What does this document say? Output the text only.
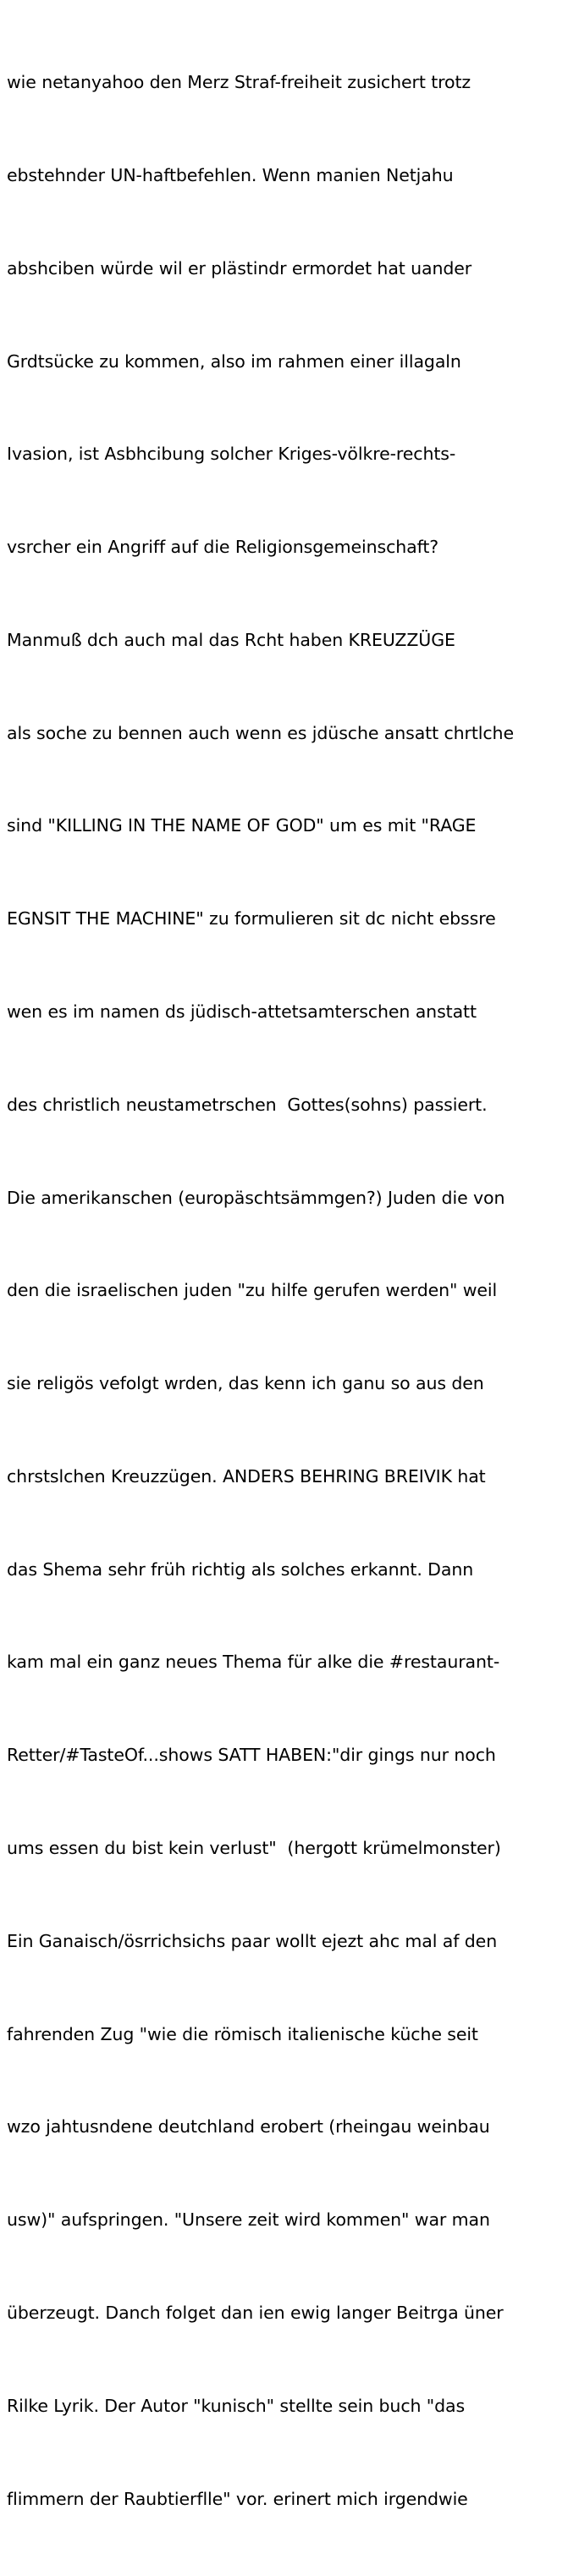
wie netanyahoo den Merz Straf-freiheit zusichert trotz

ebstehnder UN-haftbefehlen. Wenn manien Netjahu

abshciben würde wil er plästindr ermordet hat uander

Grdtsücke zu kommen, also im rahmen einer illagaln

Ivasion, ist Asbhcibung solcher Kriges-völkre-rechts-

vsrcher ein Angriff auf die Religionsgemeinschaft?

Manmuß dch auch mal das Rcht haben KREUZZÜGE

als soche zu bennen auch wenn es jdüsche ansatt chrtlche

sind "KILLING IN THE NAME OF GOD" um es mit "RAGE

EGNSIT THE MACHINE" zu formulieren sit dc nicht ebssre

wen es im namen ds jüdisch-attetsamterschen anstatt

des christlich neustametrschen  Gottes(sohns) passiert.

Die amerikanschen (europäschtsämmgen?) Juden die von

den die israelischen juden "zu hilfe gerufen werden" weil

sie religös vefolgt wrden, das kenn ich ganu so aus den

chrstslchen Kreuzzügen. ANDERS BEHRING BREIVIK hat

das Shema sehr früh richtig als solches erkannt. Dann

kam mal ein ganz neues Thema für alke die #restaurant-

Retter/#TasteOf...shows SATT HABEN:"dir gings nur noch

ums essen du bist kein verlust"  (hergott krümelmonster)

Ein Ganaisch/ösrrichsichs paar wollt ejezt ahc mal af den

fahrenden Zug "wie die römisch italienische küche seit

wzo jahtusndene deutchland erobert (rheingau weinbau

usw)" aufspringen. "Unsere zeit wird kommen" war man

überzeugt. Danch folget dan ien ewig langer Beitrga üner

Rilke Lyrik. Der Autor "kunisch" stellte sein buch "das

flimmern der Raubtierflle" vor. erinert mich irgendwie
